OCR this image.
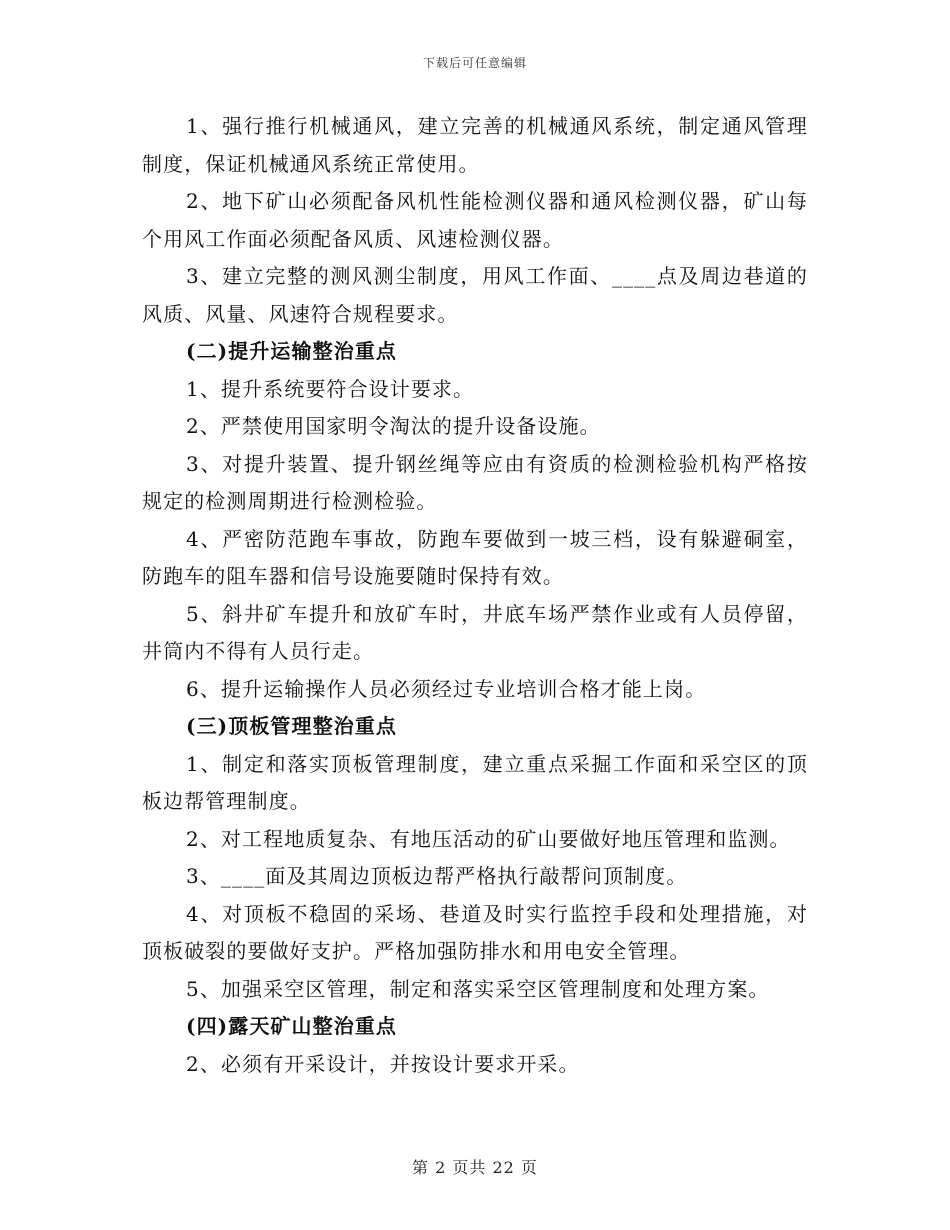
下载后可任意编辑

1、强行推行机械通风，建立完善的机械通风系统，制定通风管理制度，保证机械通风系统正常使用。

2、地下矿山必须配备风机性能检测仪器和通风检测仪器，矿山每个用风工作面必须配备风质、风速检测仪器。

3、建立完整的测风测尘制度，用风工作面、____点及周边巷道的风质、风量、风速符合规程要求。

(二)提升运输整治重点

1、提升系统要符合设计要求。

2、严禁使用国家明令淘汰的提升设备设施。

3、对提升装置、提升钢丝绳等应由有资质的检测检验机构严格按规定的检测周期进行检测检验。

4、严密防范跑车事故，防跑车要做到一坡三档，设有躲避硐室，防跑车的阻车器和信号设施要随时保持有效。

5、斜井矿车提升和放矿车时，井底车场严禁作业或有人员停留，井筒内不得有人员行走。

6、提升运输操作人员必须经过专业培训合格才能上岗。

(三)顶板管理整治重点

1、制定和落实顶板管理制度，建立重点采掘工作面和采空区的顶板边帮管理制度。

2、对工程地质复杂、有地压活动的矿山要做好地压管理和监测。

3、____面及其周边顶板边帮严格执行敲帮问顶制度。

4、对顶板不稳固的采场、巷道及时实行监控手段和处理措施，对顶板破裂的要做好支护。严格加强防排水和用电安全管理。

5、加强采空区管理，制定和落实采空区管理制度和处理方案。

(四)露天矿山整治重点

2、必须有开采设计，并按设计要求开采。

第 2 页共 22 页
